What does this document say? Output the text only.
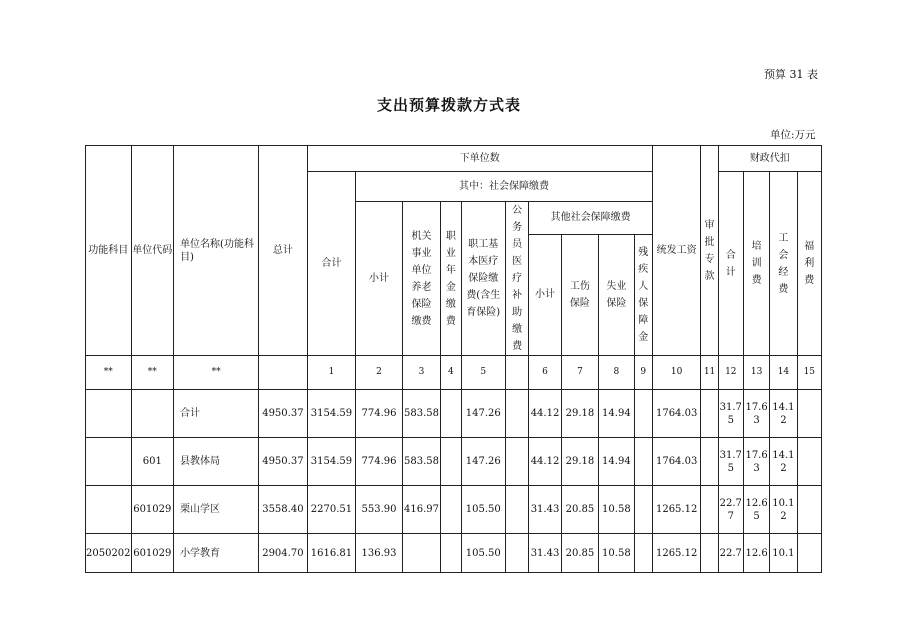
预算 31 表
支出预算拨款方式表
单位:万元
功能科目	单位代码	单位名称(功能科目)	总计	下单位数										统发工资	审批专款	财政代扣			
				合计	其中：社会保障缴费											合计	培训费	工会经费	福利费
					小计	机关事业单位养老保险缴费	职业年金缴费	职工基本医疗保险缴费(含生育保险)	公务员医疗补助缴费	其他社会保障缴费									
										小计	工伤保险	失业保险	残疾人保障金						
**	**	**		1	2	3	4	5		6	7	8	9	10	11	12	13	14	15
		合计	4950.37	3154.59	774.96	583.58		147.26		44.12	29.18	14.94		1764.03		31.75	17.63	14.12	
	601	县教体局	4950.37	3154.59	774.96	583.58		147.26		44.12	29.18	14.94		1764.03		31.75	17.63	14.12	
	601029	栗山学区	3558.40	2270.51	553.90	416.97		105.50		31.43	20.85	10.58		1265.12		22.77	12.65	10.12	
2050202	601029	小学教育	2904.70	1616.81	136.93			105.50		31.43	20.85	10.58		1265.12		22.7	12.6	10.1	
